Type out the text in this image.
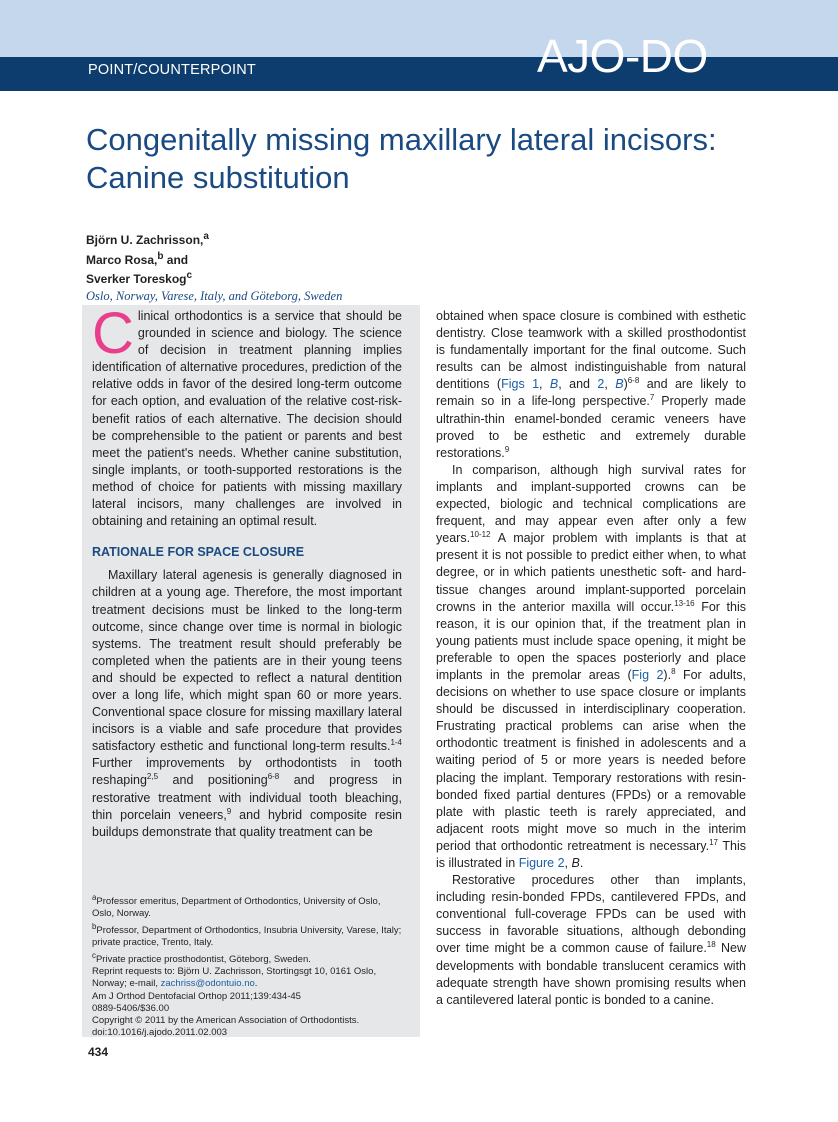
POINT/COUNTERPOINT	AJO-DO
Congenitally missing maxillary lateral incisors:
Canine substitution
Björn U. Zachrisson,$^a$
Marco Rosa,$^b$ and
Sverker Toreskog$^c$
Oslo, Norway, Varese, Italy, and Göteborg, Sweden

Clinical orthodontics is a service that should be grounded in science and biology. The science of decision in treatment planning implies identification of alternative procedures, prediction of the relative odds in favor of the desired long-term outcome for each option, and evaluation of the relative cost-risk-benefit ratios of each alternative. The decision should be comprehensible to the patient or parents and best meet the patient's needs. Whether canine substitution, single implants, or tooth-supported restorations is the method of choice for patients with missing maxillary lateral incisors, many challenges are involved in obtaining and retaining an optimal result.

RATIONALE FOR SPACE CLOSURE

Maxillary lateral agenesis is generally diagnosed in children at a young age. Therefore, the most important treatment decisions must be linked to the long-term outcome, since change over time is normal in biologic systems. The treatment result should preferably be completed when the patients are in their young teens and should be expected to reflect a natural dentition over a long life, which might span 60 or more years. Conventional space closure for missing maxillary lateral incisors is a viable and safe procedure that provides satisfactory esthetic and functional long-term results.$^{1-4}$ Further improvements by orthodontists in tooth reshaping$^{2,5}$ and positioning$^{6-8}$ and progress in restorative treatment with individual tooth bleaching, thin porcelain veneers,$^9$ and hybrid composite resin buildups demonstrate that quality treatment can be

obtained when space closure is combined with esthetic dentistry. Close teamwork with a skilled prosthodontist is fundamentally important for the final outcome. Such results can be almost indistinguishable from natural dentitions (Figs 1, B, and 2, B)$^{6-8}$ and are likely to remain so in a life-long perspective.$^7$ Properly made ultrathin-thin enamel-bonded ceramic veneers have proved to be esthetic and extremely durable restorations.$^9$

In comparison, although high survival rates for implants and implant-supported crowns can be expected, biologic and technical complications are frequent, and may appear even after only a few years.$^{10-12}$ A major problem with implants is that at present it is not possible to predict either when, to what degree, or in which patients unesthetic soft- and hard-tissue changes around implant-supported porcelain crowns in the anterior maxilla will occur.$^{13-16}$ For this reason, it is our opinion that, if the treatment plan in young patients must include space opening, it might be preferable to open the spaces posteriorly and place implants in the premolar areas (Fig 2).$^8$ For adults, decisions on whether to use space closure or implants should be discussed in interdisciplinary cooperation. Frustrating practical problems can arise when the orthodontic treatment is finished in adolescents and a waiting period of 5 or more years is needed before placing the implant. Temporary restorations with resin-bonded fixed partial dentures (FPDs) or a removable plate with plastic teeth is rarely appreciated, and adjacent roots might move so much in the interim period that orthodontic retreatment is necessary.$^{17}$ This is illustrated in Figure 2, B.

Restorative procedures other than implants, including resin-bonded FPDs, cantilevered FPDs, and conventional full-coverage FPDs can be used with success in favorable situations, although debonding over time might be a common cause of failure.$^{18}$ New developments with bondable translucent ceramics with adequate strength have shown promising results when a cantilevered lateral pontic is bonded to a canine.

$^a$Professor emeritus, Department of Orthodontics, University of Oslo, Oslo, Norway.
$^b$Professor, Department of Orthodontics, Insubria University, Varese, Italy; private practice, Trento, Italy.
$^c$Private practice prosthodontist, Göteborg, Sweden.
Reprint requests to: Björn U. Zachrisson, Stortingsgt 10, 0161 Oslo, Norway; e-mail, zachriss@odontuio.no.
Am J Orthod Dentofacial Orthop 2011;139:434-45
0889-5406/$36.00
Copyright © 2011 by the American Association of Orthodontists.
doi:10.1016/j.ajodo.2011.02.003
434
